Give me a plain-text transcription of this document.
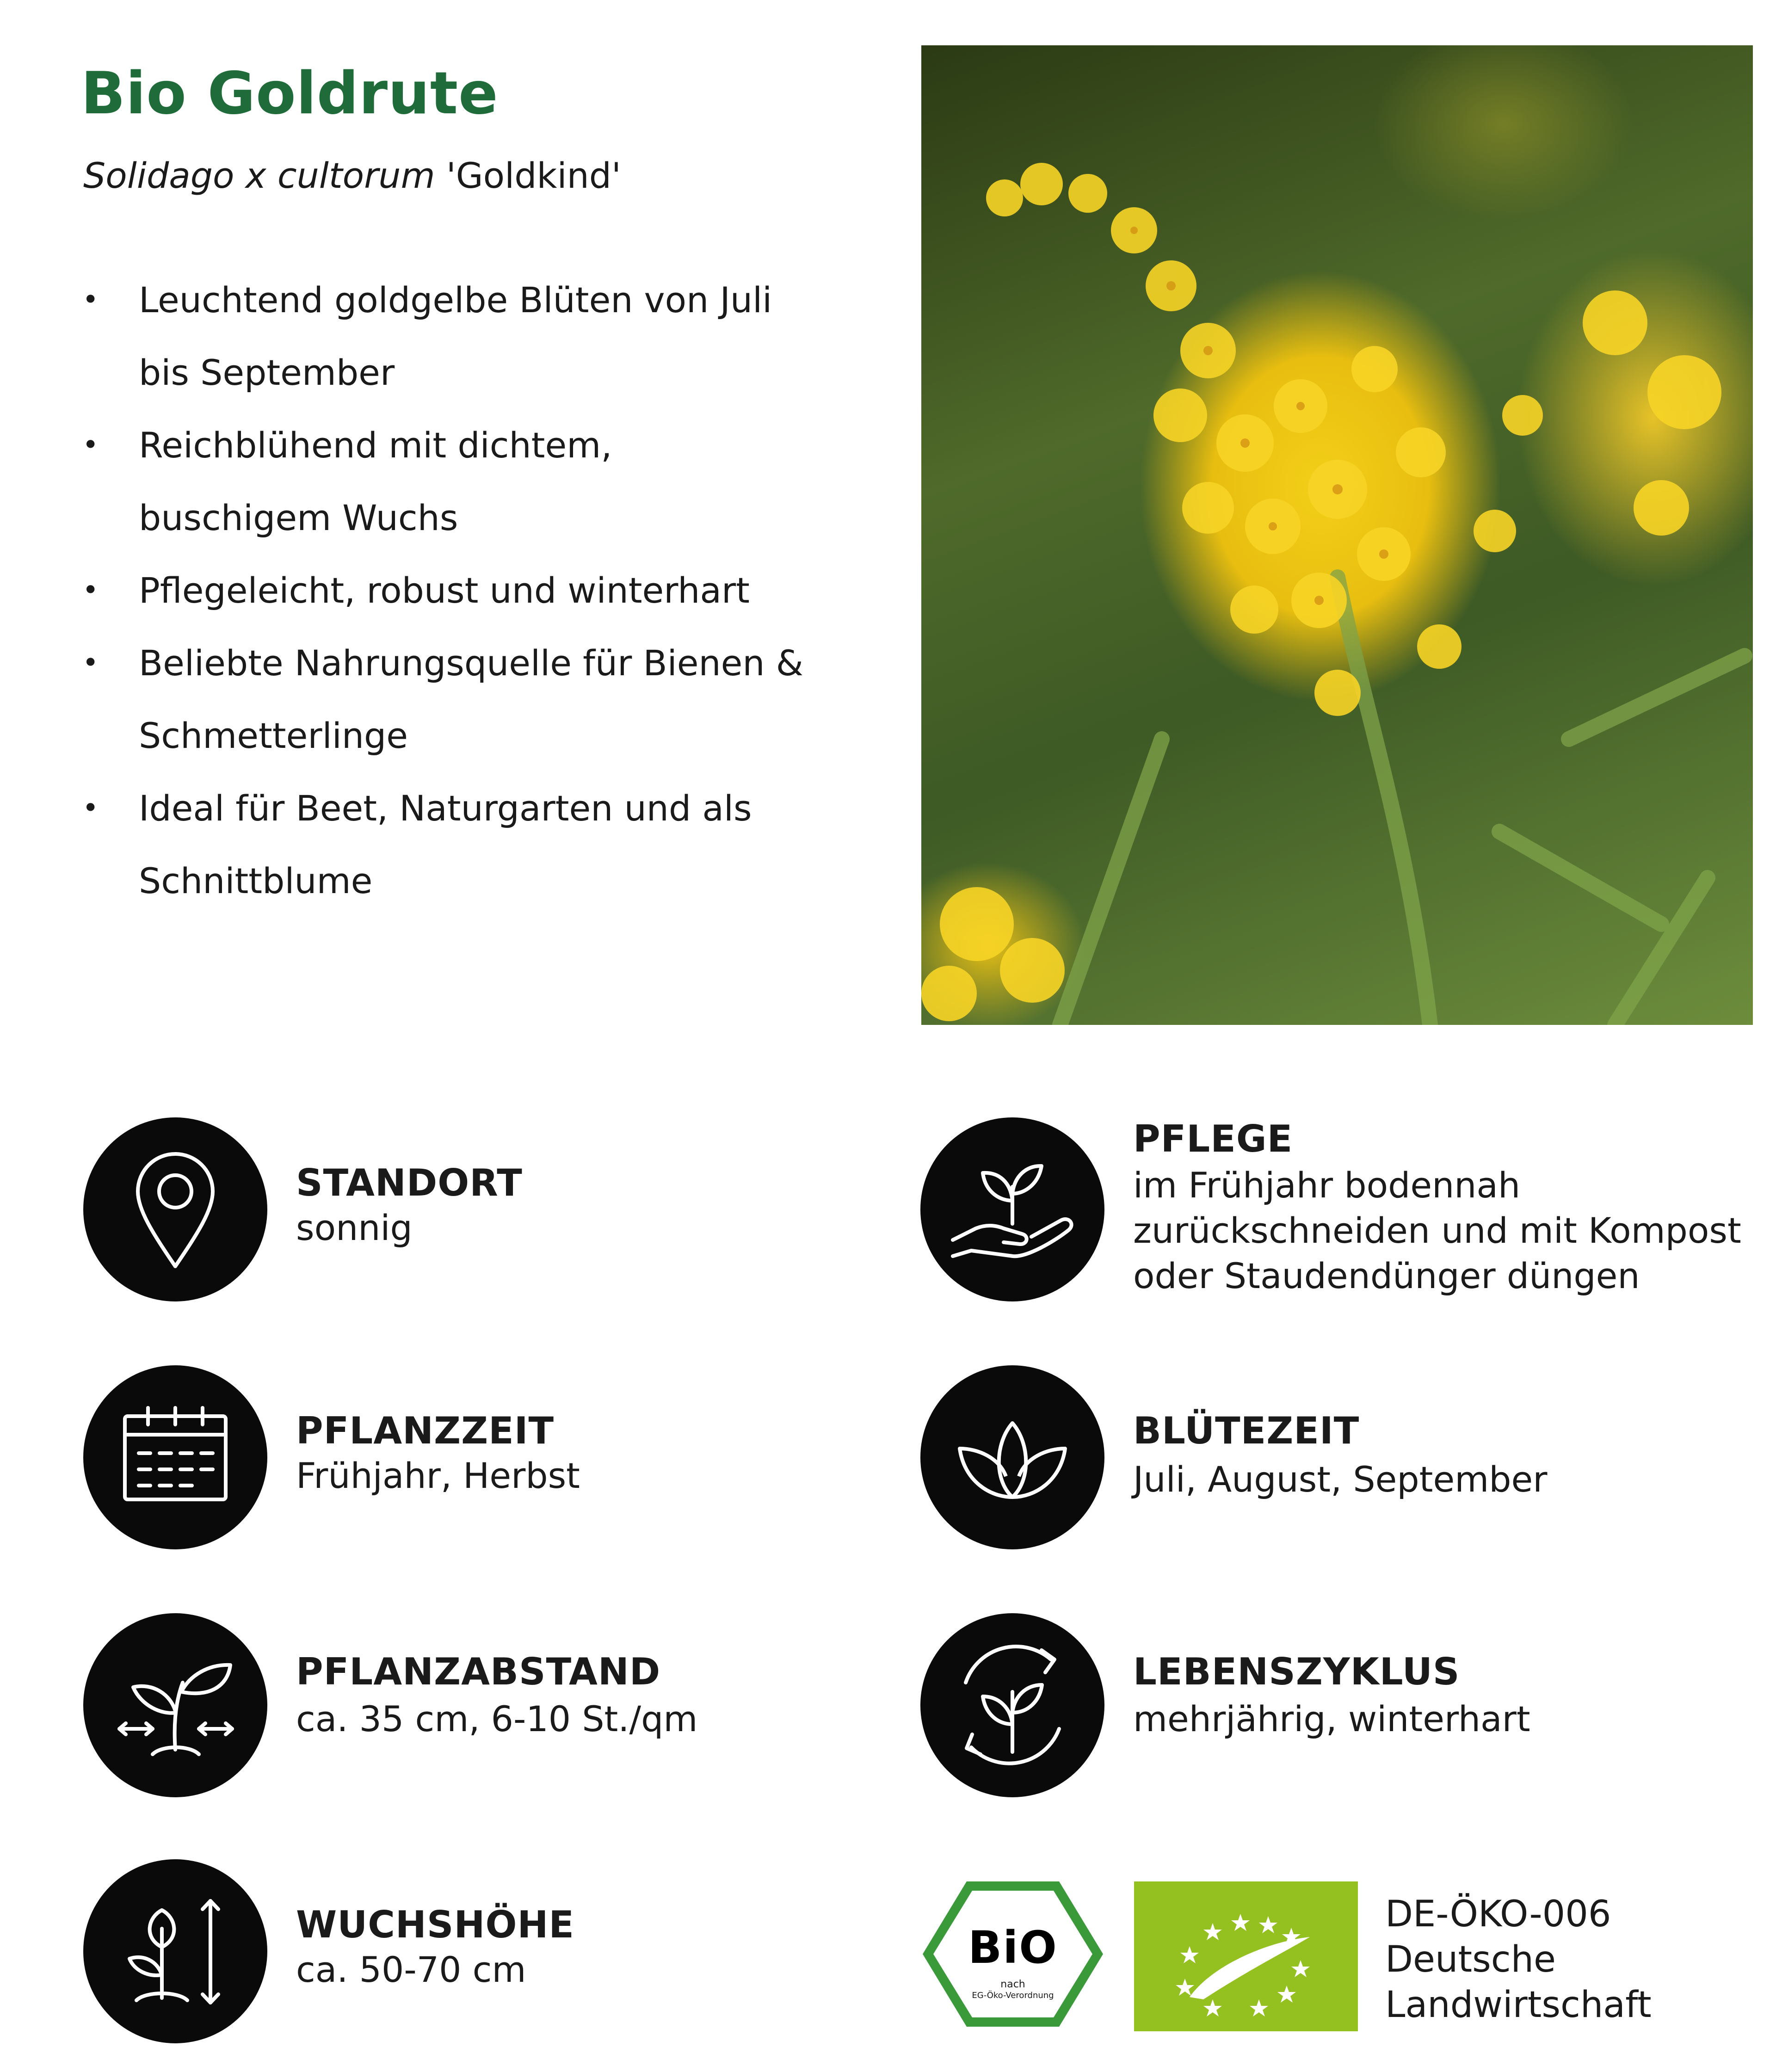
Bio Goldrute
Solidago x cultorum 'Goldkind'
• Leuchtend goldgelbe Blüten von Juli
bis September
• Reichblühend mit dichtem,
buschigem Wuchs
• Pflegeleicht, robust und winterhart
• Beliebte Nahrungsquelle für Bienen &
Schmetterlinge
• Ideal für Beet, Naturgarten und als
Schnittblume
STANDORT
sonnig
PFLEGE
im Frühjahr bodennah
zurückschneiden und mit Kompost
oder Staudendünger düngen
PFLANZZEIT
Frühjahr, Herbst
BLÜTEZEIT
Juli, August, September
PFLANZABSTAND
ca. 35 cm, 6-10 St./qm
LEBENSZYKLUS
mehrjährig, winterhart
WUCHSHÖHE
ca. 50-70 cm	BiO
nach
EG-Öko-Verordnung
DE-ÖKO-006
Deutsche
Landwirtschaft
